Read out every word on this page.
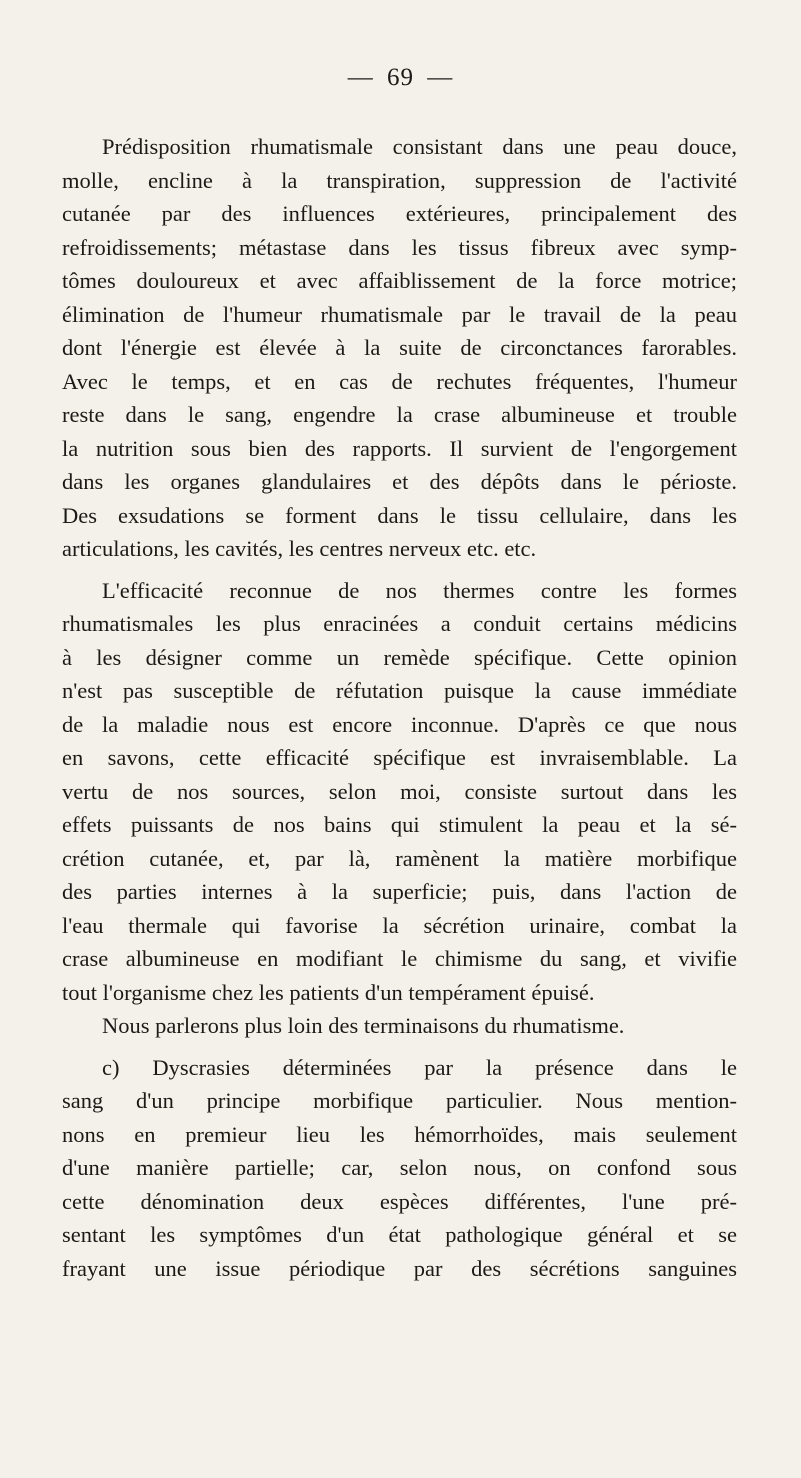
— 69 —
Prédisposition rhumatismale consistant dans une peau douce,
molle, encline à la transpiration, suppression de l'activité
cutanée par des influences extérieures, principalement des
refroidissements; métastase dans les tissus fibreux avec symp-
tômes douloureux et avec affaiblissement de la force motrice;
élimination de l'humeur rhumatismale par le travail de la peau
dont l'énergie est élevée à la suite de circonctances farorables.
Avec le temps, et en cas de rechutes fréquentes, l'humeur
reste dans le sang, engendre la crase albumineuse et trouble
la nutrition sous bien des rapports. Il survient de l'engorgement
dans les organes glandulaires et des dépôts dans le périoste.
Des exsudations se forment dans le tissu cellulaire, dans les
articulations, les cavités, les centres nerveux etc. etc.
L'efficacité reconnue de nos thermes contre les formes
rhumatismales les plus enracinées a conduit certains médicins
à les désigner comme un remède spécifique. Cette opinion
n'est pas susceptible de réfutation puisque la cause immédiate
de la maladie nous est encore inconnue. D'après ce que nous
en savons, cette efficacité spécifique est invraisemblable. La
vertu de nos sources, selon moi, consiste surtout dans les
effets puissants de nos bains qui stimulent la peau et la sé-
crétion cutanée, et, par là, ramènent la matière morbifique
des parties internes à la superficie; puis, dans l'action de
l'eau thermale qui favorise la sécrétion urinaire, combat la
crase albumineuse en modifiant le chimisme du sang, et vivifie
tout l'organisme chez les patients d'un tempérament épuisé.
Nous parlerons plus loin des terminaisons du rhumatisme.
c) Dyscrasies déterminées par la présence dans le
sang d'un principe morbifique particulier. Nous mention-
nons en premieur lieu les hémorrhoïdes, mais seulement
d'une manière partielle; car, selon nous, on confond sous
cette dénomination deux espèces différentes, l'une pré-
sentant les symptômes d'un état pathologique général et se
frayant une issue périodique par des sécrétions sanguines
